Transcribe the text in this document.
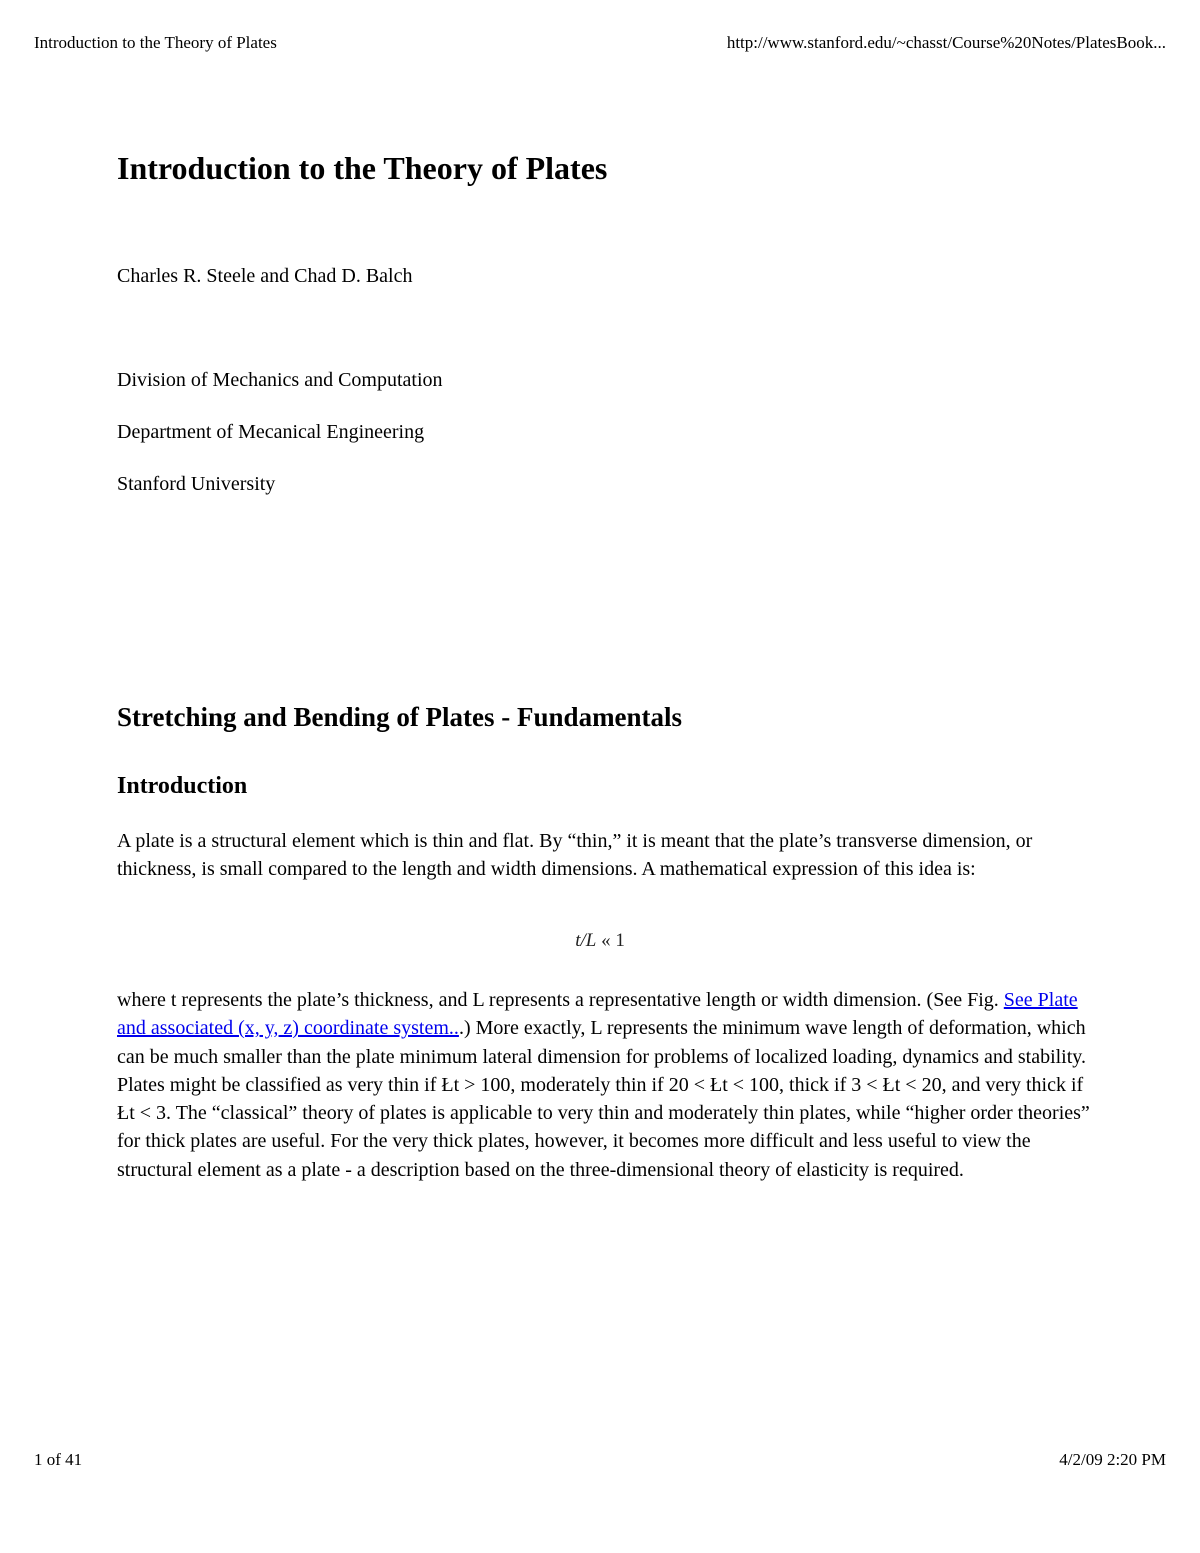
Introduction to the Theory of Plates	http://www.stanford.edu/~chasst/Course%20Notes/PlatesBook...
Introduction to the Theory of Plates

Charles R. Steele and Chad D. Balch

Division of Mechanics and Computation

Department of Mecanical Engineering

Stanford University

Stretching and Bending of Plates - Fundamentals
Introduction

A plate is a structural element which is thin and flat. By “thin,” it is meant that the plate’s transverse dimension, or thickness, is small compared to the length and width dimensions. A mathematical expression of this idea is:

t/L « 1

where t represents the plate’s thickness, and L represents a representative length or width dimension. (See Fig. See Plate and associated (x, y, z) coordinate system...) More exactly, L represents the minimum wave length of deformation, which can be much smaller than the plate minimum lateral dimension for problems of localized loading, dynamics and stability. Plates might be classified as very thin if Łt > 100, moderately thin if 20 < Łt < 100, thick if 3 < Łt < 20, and very thick if Łt < 3. The “classical” theory of plates is applicable to very thin and moderately thin plates, while “higher order theories” for thick plates are useful. For the very thick plates, however, it becomes more difficult and less useful to view the structural element as a plate - a description based on the three-dimensional theory of elasticity is required.

1 of 41	4/2/09 2:20 PM
